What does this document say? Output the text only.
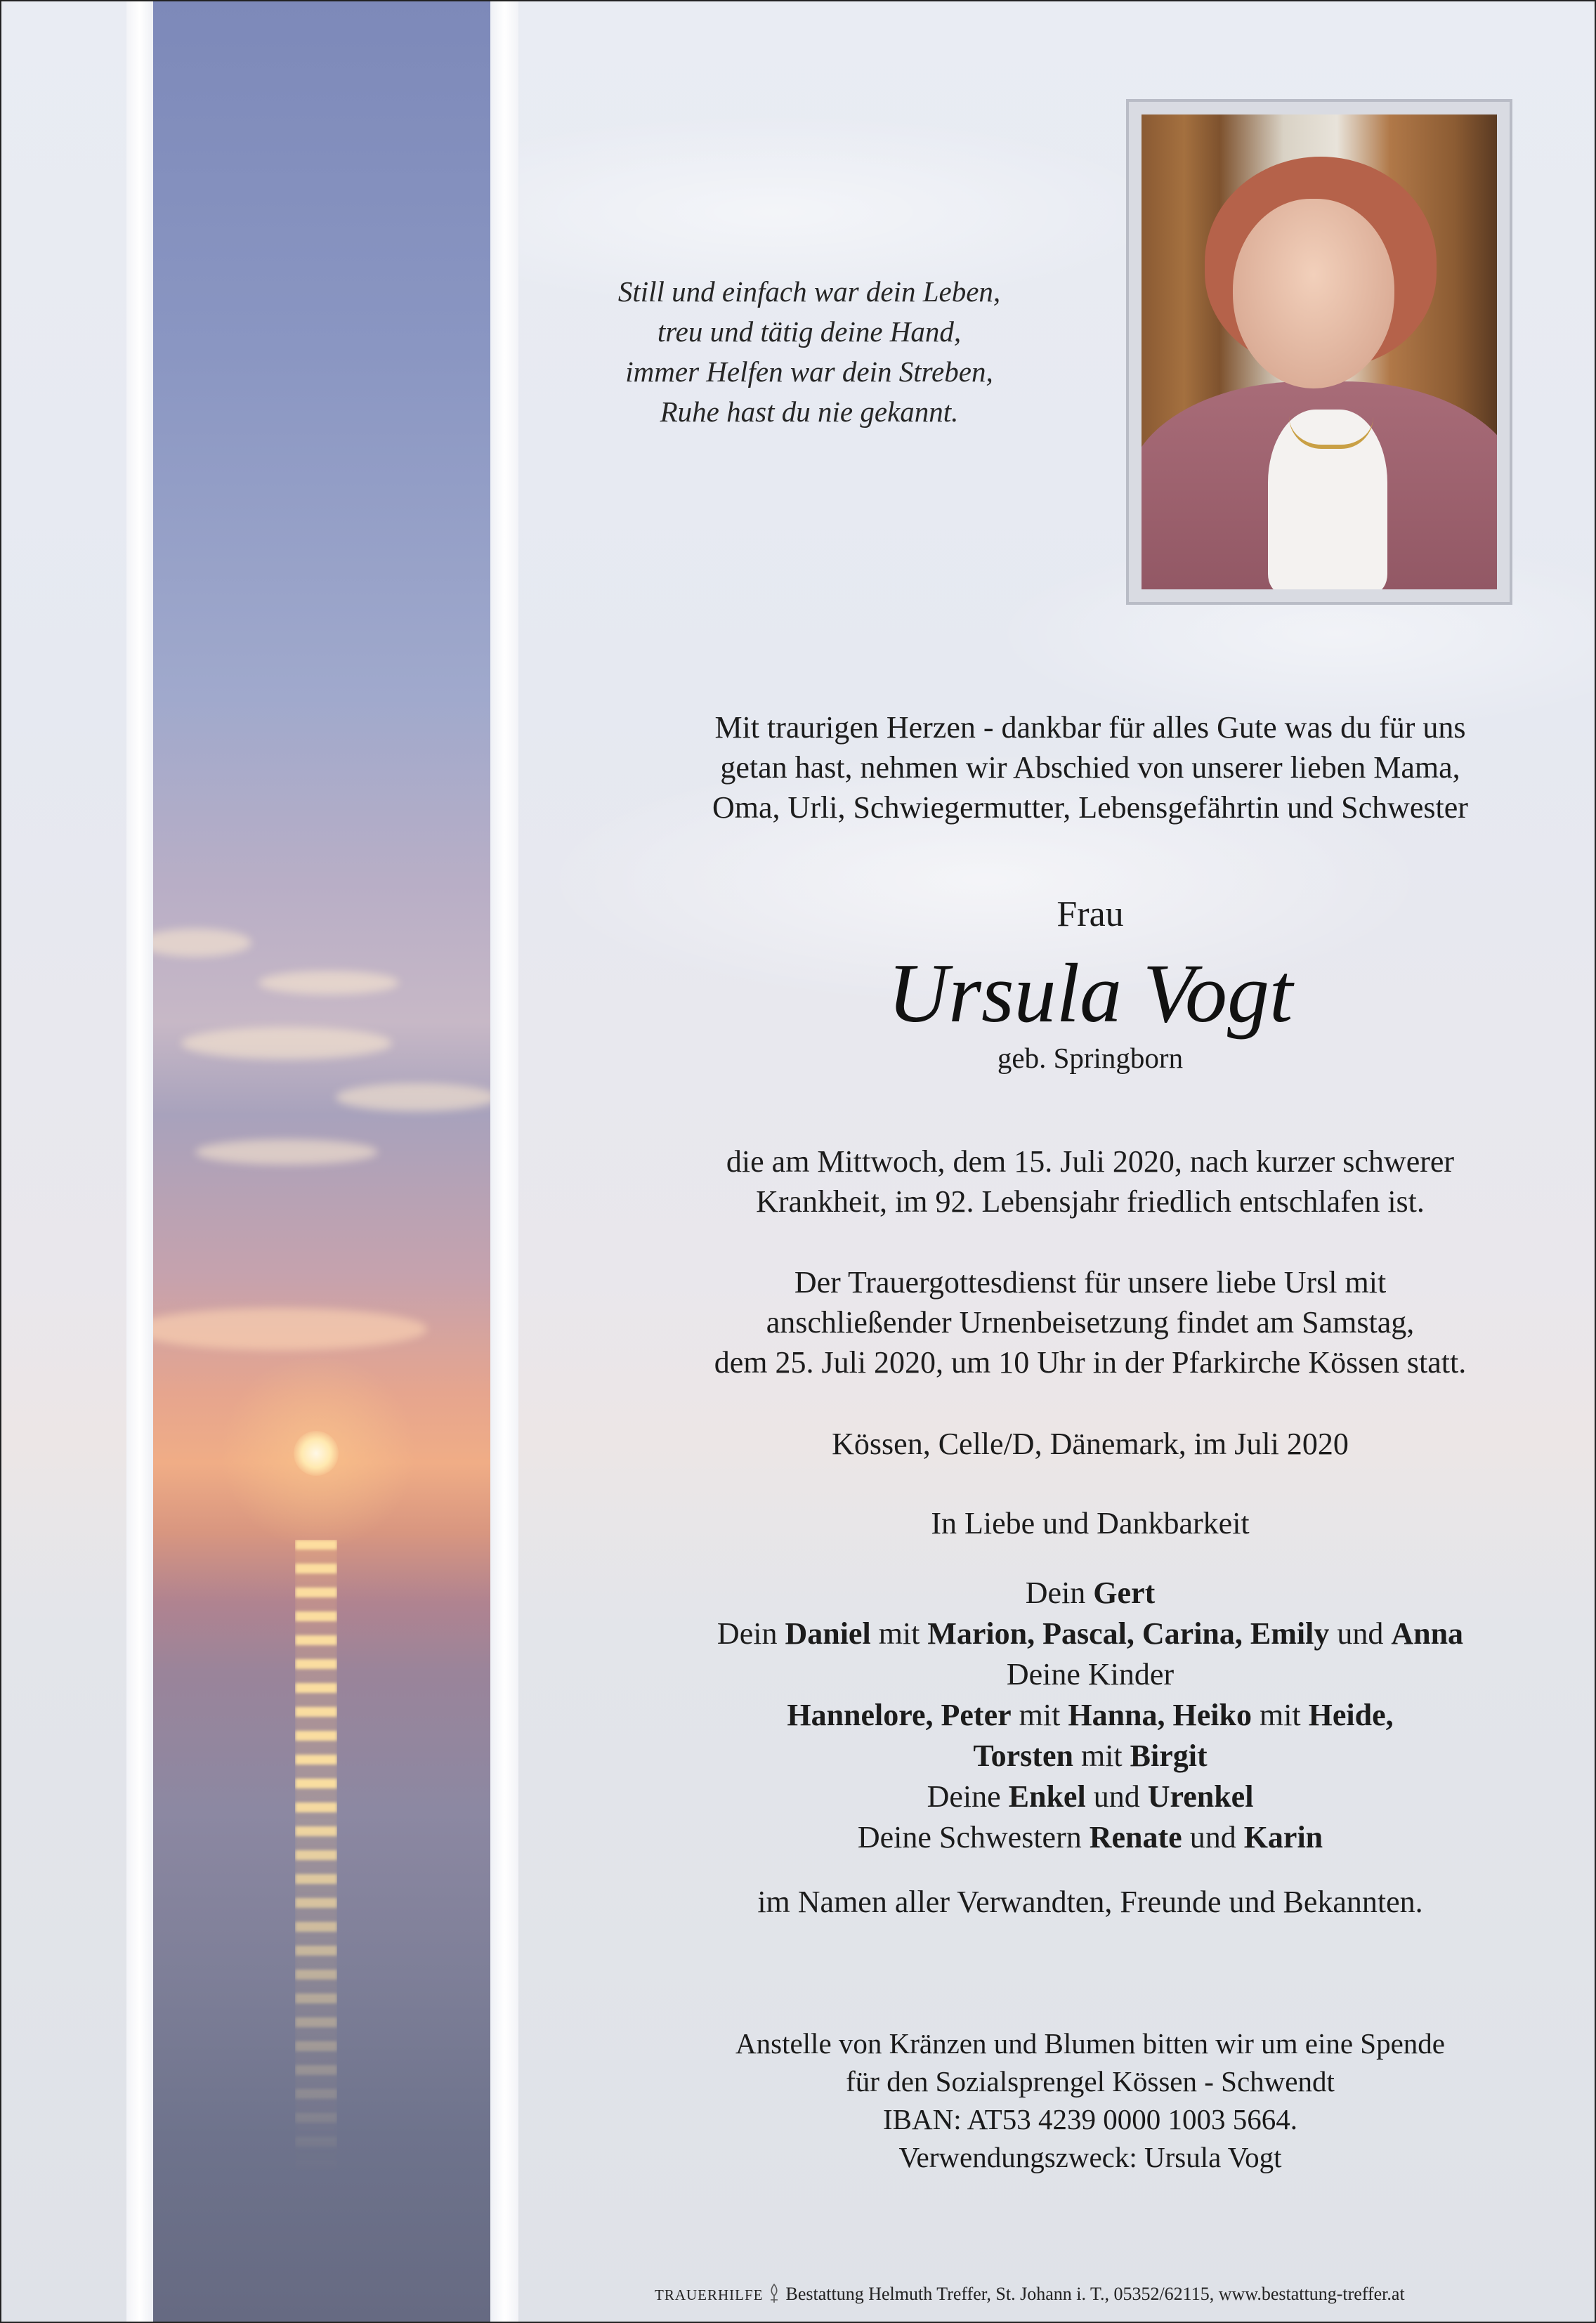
Still und einfach war dein Leben,
treu und tätig deine Hand,
immer Helfen war dein Streben,
Ruhe hast du nie gekannt.
Mit traurigen Herzen - dankbar für alles Gute was du für uns
getan hast, nehmen wir Abschied von unserer lieben Mama,
Oma, Urli, Schwiegermutter, Lebensgefährtin und Schwester
Frau
Ursula Vogt
geb. Springborn
die am Mittwoch, dem 15. Juli 2020, nach kurzer schwerer
Krankheit, im 92. Lebensjahr friedlich entschlafen ist.
Der Trauergottesdienst für unsere liebe Ursl mit
anschließender Urnenbeisetzung findet am Samstag,
dem 25. Juli 2020, um 10 Uhr in der Pfarkirche Kössen statt.
Kössen, Celle/D, Dänemark, im Juli 2020
In Liebe und Dankbarkeit
Dein Gert
Dein Daniel mit Marion, Pascal, Carina, Emily und Anna
Deine Kinder
Hannelore, Peter mit Hanna, Heiko mit Heide,
Torsten mit Birgit
Deine Enkel und Urenkel
Deine Schwestern Renate und Karin
im Namen aller Verwandten, Freunde und Bekannten.
Anstelle von Kränzen und Blumen bitten wir um eine Spende
für den Sozialsprengel Kössen - Schwendt
IBAN: AT53 4239 0000 1003 5664.
Verwendungszweck: Ursula Vogt
TRAUERHILFE Bestattung Helmuth Treffer, St. Johann i. T., 05352/62115, www.bestattung-treffer.at
